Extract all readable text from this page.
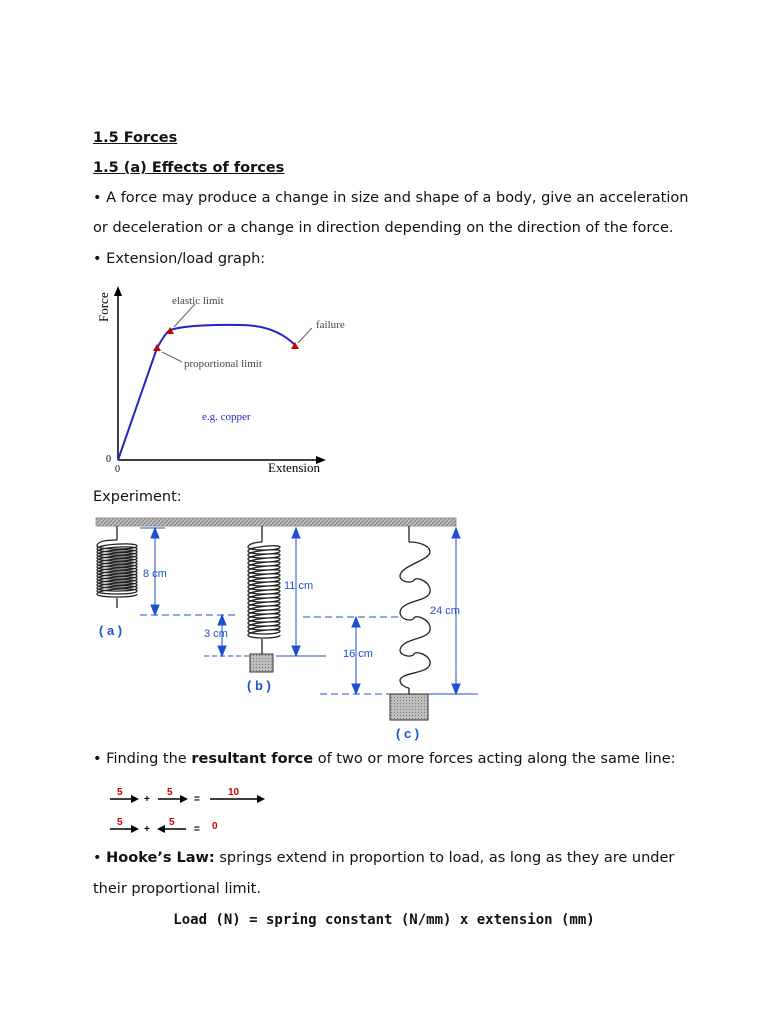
1.5 Forces
1.5 (a) Effects of forces
• A force may produce a change in size and shape of a body, give an acceleration
or deceleration or a change in direction depending on the direction of the force.
• Extension/load graph:
Force
Extension
0
0
elastic limit
failure
proportional limit
e.g. copper
Experiment:
8 cm
11 cm
24 cm
3 cm
16 cm
( a )
( b )
( c )
• Finding the resultant force of two or more forces acting along the same line:
5
+
5
=
10
5
+
5
= 0
• Hooke’s Law: springs extend in proportion to load, as long as they are under
their proportional limit.
Load (N) = spring constant (N/mm) x extension (mm)
